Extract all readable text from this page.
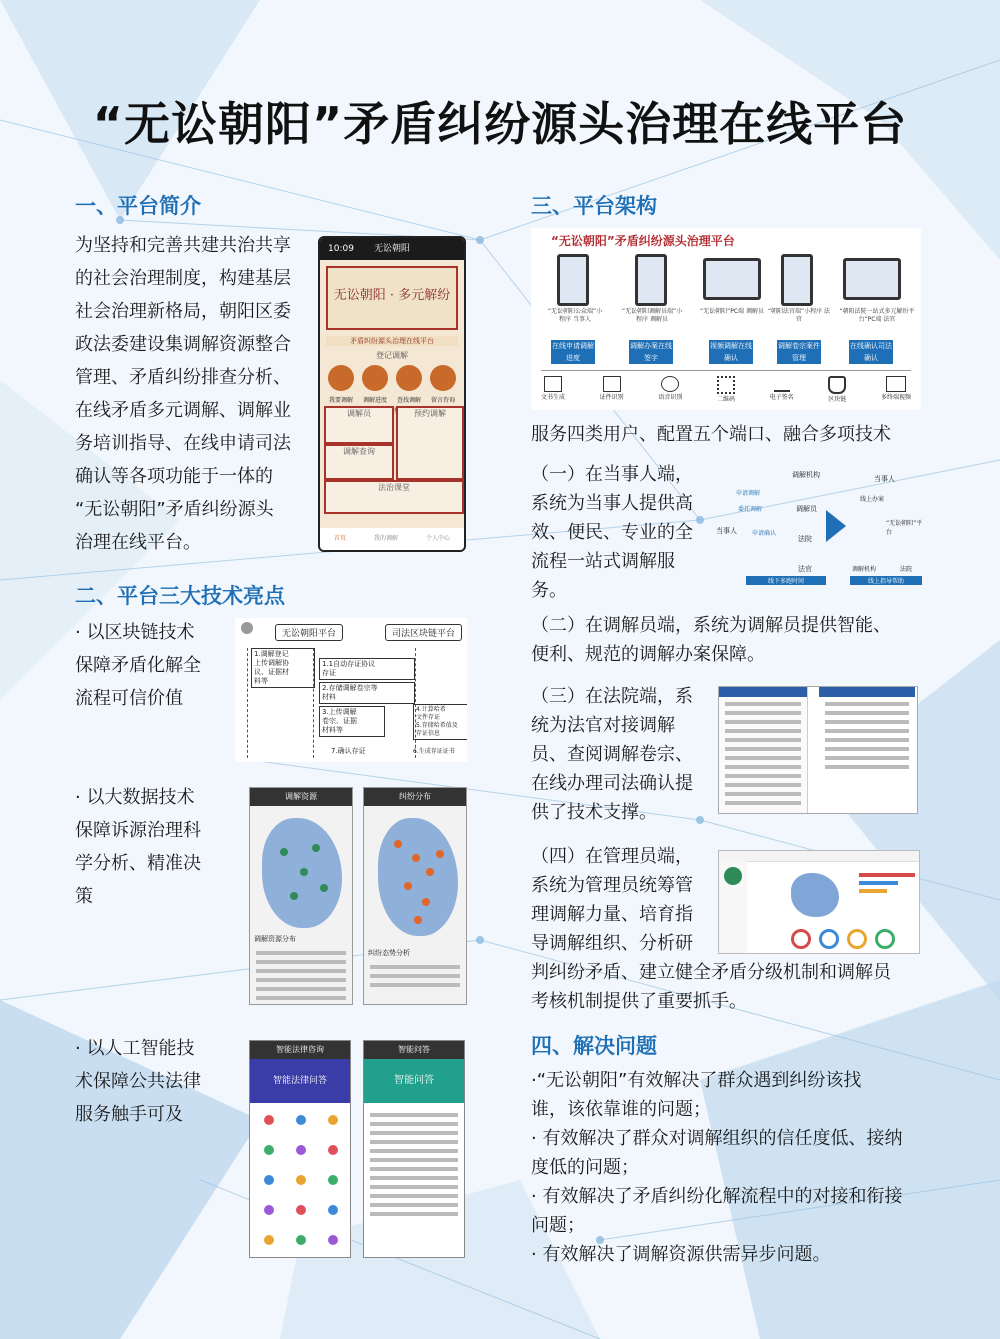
“无讼朝阳”矛盾纠纷源头治理在线平台
一、平台简介
为坚持和完善共建共治共享
的社会治理制度，构建基层
社会治理新格局，朝阳区委
政法委建设集调解资源整合
管理、矛盾纠纷排查分析、
在线矛盾多元调解、调解业
务培训指导、在线申请司法
确认等各项功能于一体的
“无讼朝阳”矛盾纠纷源头
治理在线平台。
10:09 无讼朝阳
无讼朝阳 · 多元解纷
矛盾纠纷源头治理在线平台
登记调解
我要调解	调解进度	查找调解	留言咨询
调解员	预约调解
调解查询
法治课堂
首页	我的调解	个人中心
二、平台三大技术亮点
· 以区块链技术
保障矛盾化解全
流程可信价值
无讼朝阳平台	司法区块链平台
1.调解登记
上传调解协
议、证据材
料等
1.1自动存证协议
存证
2.存储调解卷宗等
材料
3.上传调解
卷宗、证据
材料等
4.计算哈希
文件存证
5.存储哈希值及
存证信息
7.确认存证	6.生成存证证书
· 以大数据技术
保障诉源治理科
学分析、精准决
策
调解资源
调解资源分布
纠纷分布
纠纷态势分析
· 以人工智能技
术保障公共法律
服务触手可及
智能法律咨询
智能法律问答
智能问答
智能问答
三、平台架构
“无讼朝阳”矛盾纠纷源头治理平台
“无讼朝阳公众端”小程序 当事人
“无讼朝阳调解员端”小程序 调解员
“无讼朝阳”PC端 调解员 “朝阳法官端”小程序 法官
“朝阳法院一站式多元解纷平台”PC端 法官
在线申请调解进度
调解办案在线签字
视频调解在线确认
调解卷宗案件管理
在线确认司法确认
文书生成	证件识别	语音识别	二维码	电子签名	区块链	多终端视频
服务四类用户、配置五个端口、融合多项技术
（一）在当事人端，
系统为当事人提供高
效、便民、专业的全
流程一站式调解服
务。
当事人
调解机构
调解员
法院
法官
申请调解
委托调解
申请确认
线下多跑时间
当事人
线上办案
“无讼朝阳”平台
调解机构	法院
线上指导帮助
（二）在调解员端，系统为调解员提供智能、
便利、规范的调解办案保障。
（三）在法院端，系
统为法官对接调解
员、查阅调解卷宗、
在线办理司法确认提
供了技术支撑。
（四）在管理员端，
系统为管理员统筹管
理调解力量、培育指
导调解组织、分析研
判纠纷矛盾、建立健全矛盾分级机制和调解员
考核机制提供了重要抓手。
四、解决问题
·“无讼朝阳”有效解决了群众遇到纠纷该找
谁，该依靠谁的问题；
· 有效解决了群众对调解组织的信任度低、接纳
度低的问题；
· 有效解决了矛盾纠纷化解流程中的对接和衔接
问题；
· 有效解决了调解资源供需异步问题。
